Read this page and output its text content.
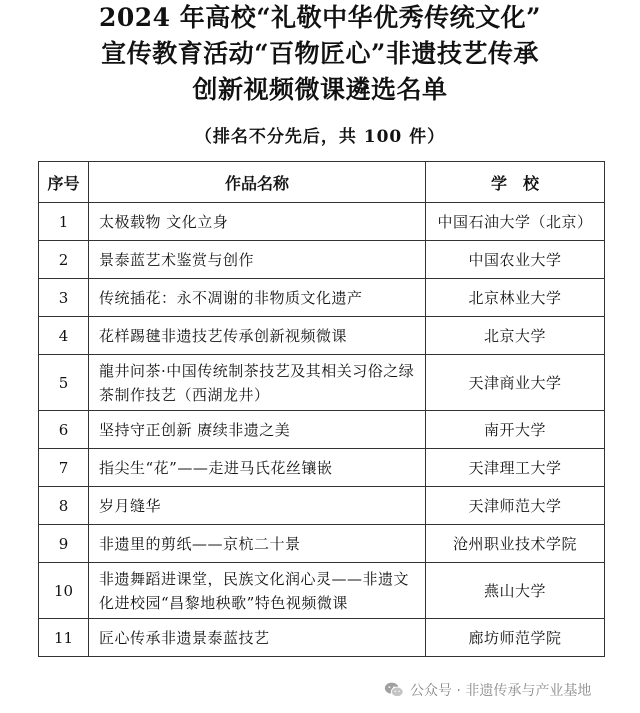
2024 年高校“礼敬中华优秀传统文化”
宣传教育活动“百物匠心”非遗技艺传承
创新视频微课遴选名单
（排名不分先后，共 100 件）
序号	作品名称	学　校
1	太极载物 文化立身	中国石油大学（北京）
2	景泰蓝艺术鉴赏与创作	中国农业大学
3	传统插花：永不凋谢的非物质文化遗产	北京林业大学
4	花样踢毽非遗技艺传承创新视频微课	北京大学
5	龍井问茶·中国传统制茶技艺及其相关习俗之绿茶制作技艺（西湖龙井）	天津商业大学
6	坚持守正创新 赓续非遗之美	南开大学
7	指尖生“花”——走进马氏花丝镶嵌	天津理工大学
8	岁月缝华	天津师范大学
9	非遗里的剪纸——京杭二十景	沧州职业技术学院
10	非遗舞蹈进课堂，民族文化润心灵——非遗文化进校园“昌黎地秧歌”特色视频微课	燕山大学
11	匠心传承非遗景泰蓝技艺	廊坊师范学院
公众号 · 非遗传承与产业基地
